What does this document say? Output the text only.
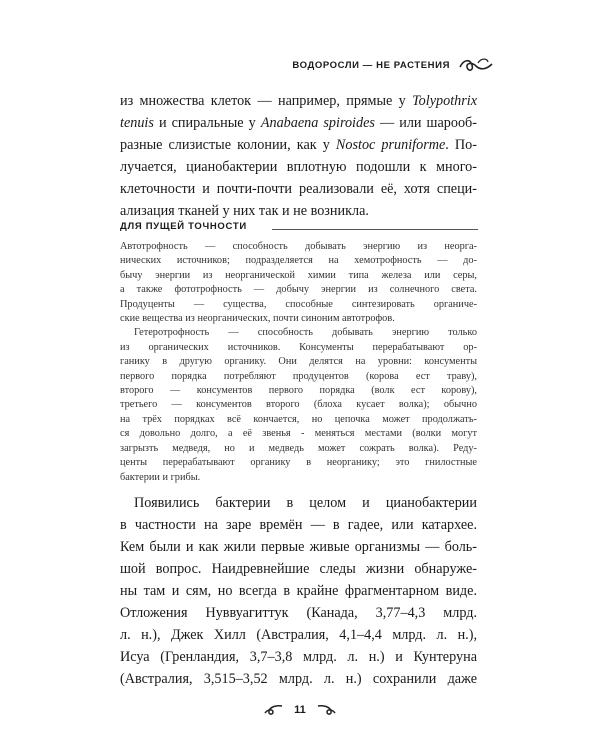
ВОДОРОСЛИ — НЕ РАСТЕНИЯ
из множества клеток — например, прямые у Tolypothrix
tenuis и спиральные у Anabaena spiroides — или шарооб-
разные слизистые колонии, как у Nostoc pruniforme. По-
лучается, цианобактерии вплотную подошли к много-
клеточности и почти-почти реализовали её, хотя специ-
ализация тканей у них так и не возникла.
ДЛЯ ПУЩЕЙ ТОЧНОСТИ
Автотрофность — способность добывать энергию из неорга-
нических источников; подразделяется на хемотрофность — до-
бычу энергии из неорганической химии типа железа или серы,
а также фототрофность — добычу энергии из солнечного света.
Продуценты — существа, способные синтезировать органиче-
ские вещества из неорганических, почти синоним автотрофов.
Гетеротрофность — способность добывать энергию только
из органических источников. Консументы перерабатывают ор-
ганику в другую органику. Они делятся на уровни: консументы
первого порядка потребляют продуцентов (корова ест траву),
второго — консументов первого порядка (волк ест корову),
третьего — консументов второго (блоха кусает волка); обычно
на трёх порядках всё кончается, но цепочка может продолжать-
ся довольно долго, а её звенья - меняться местами (волки могут
загрызть медведя, но и медведь может сожрать волка). Реду-
центы перерабатывают органику в неорганику; это гнилостные
бактерии и грибы.
Появились бактерии в целом и цианобактерии
в частности на заре времён — в гадее, или катархее.
Кем были и как жили первые живые организмы — боль-
шой вопрос. Наидревнейшие следы жизни обнаруже-
ны там и сям, но всегда в крайне фрагментарном виде.
Отложения Нуввуагиттук (Канада, 3,77–4,3 млрд.
л. н.), Джек Хилл (Австралия, 4,1–4,4 млрд. л. н.),
Исуа (Гренландия, 3,7–3,8 млрд. л. н.) и Кунтеруна
(Австралия, 3,515–3,52 млрд. л. н.) сохранили даже
11
